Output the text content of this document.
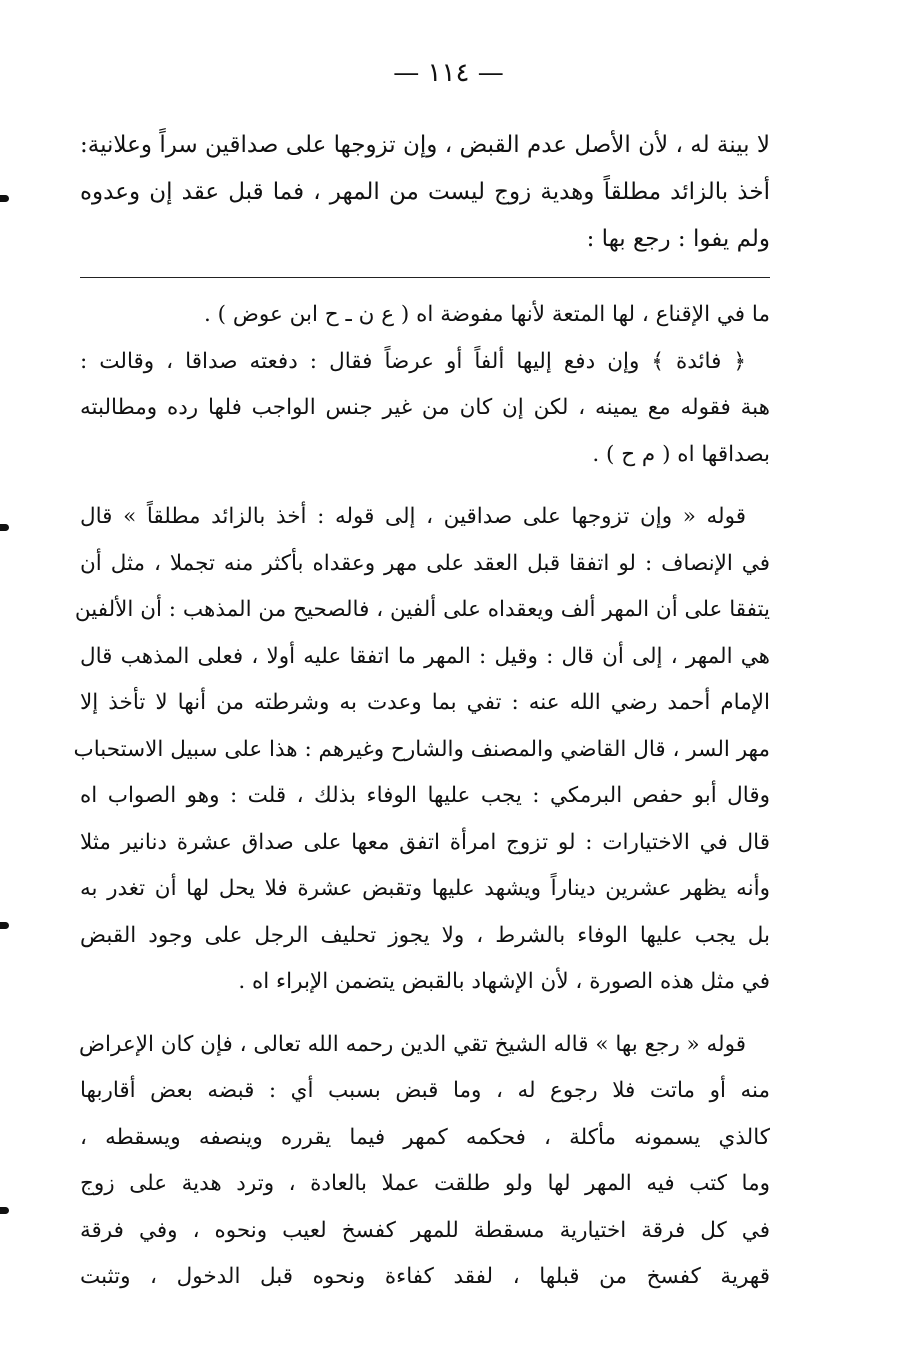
— ١١٤ —
لا بينة له ، لأن الأصل عدم القبض ، وإن تزوجها على صداقين سراً وعلانية:
أخذ بالزائد مطلقاً وهدية زوج ليست من المهر ، فما قبل عقد إن وعدوه
ولم يفوا : رجع بها :
ما في الإقناع ، لها المتعة لأنها مفوضة اه ( ع ن ـ ح ابن عوض ) .
﴿ فائدة ﴾ وإن دفع إليها ألفاً أو عرضاً فقال : دفعته صداقا ، وقالت :
هبة فقوله مع يمينه ، لكن إن كان من غير جنس الواجب فلها رده ومطالبته
بصداقها اه ( م ح ) .
قوله « وإن تزوجها على صداقين ، إلى قوله : أخذ بالزائد مطلقاً » قال
في الإنصاف : لو اتفقا قبل العقد على مهر وعقداه بأكثر منه تجملا ، مثل أن
يتفقا على أن المهر ألف ويعقداه على ألفين ، فالصحيح من المذهب : أن الألفين
هي المهر ، إلى أن قال : وقيل : المهر ما اتفقا عليه أولا ، فعلى المذهب قال
الإمام أحمد رضي الله عنه : تفي بما وعدت به وشرطته من أنها لا تأخذ إلا
مهر السر ، قال القاضي والمصنف والشارح وغيرهم : هذا على سبيل الاستحباب
وقال أبو حفص البرمكي : يجب عليها الوفاء بذلك ، قلت : وهو الصواب اه
قال في الاختيارات : لو تزوج امرأة اتفق معها على صداق عشرة دنانير مثلا
وأنه يظهر عشرين ديناراً ويشهد عليها وتقبض عشرة فلا يحل لها أن تغدر به
بل يجب عليها الوفاء بالشرط ، ولا يجوز تحليف الرجل على وجود القبض
في مثل هذه الصورة ، لأن الإشهاد بالقبض يتضمن الإبراء اه .
قوله « رجع بها » قاله الشيخ تقي الدين رحمه الله تعالى ، فإن كان الإعراض
منه أو ماتت فلا رجوع له ، وما قبض بسبب أي : قبضه بعض أقاربها
كالذي يسمونه مأكلة ، فحكمه كمهر فيما يقرره وينصفه ويسقطه ،
وما كتب فيه المهر لها ولو طلقت عملا بالعادة ، وترد هدية على زوج
في كل فرقة اختيارية مسقطة للمهر كفسخ لعيب ونحوه ، وفي فرقة
قهرية كفسخ من قبلها ، لفقد كفاءة ونحوه قبل الدخول ، وتثبت
